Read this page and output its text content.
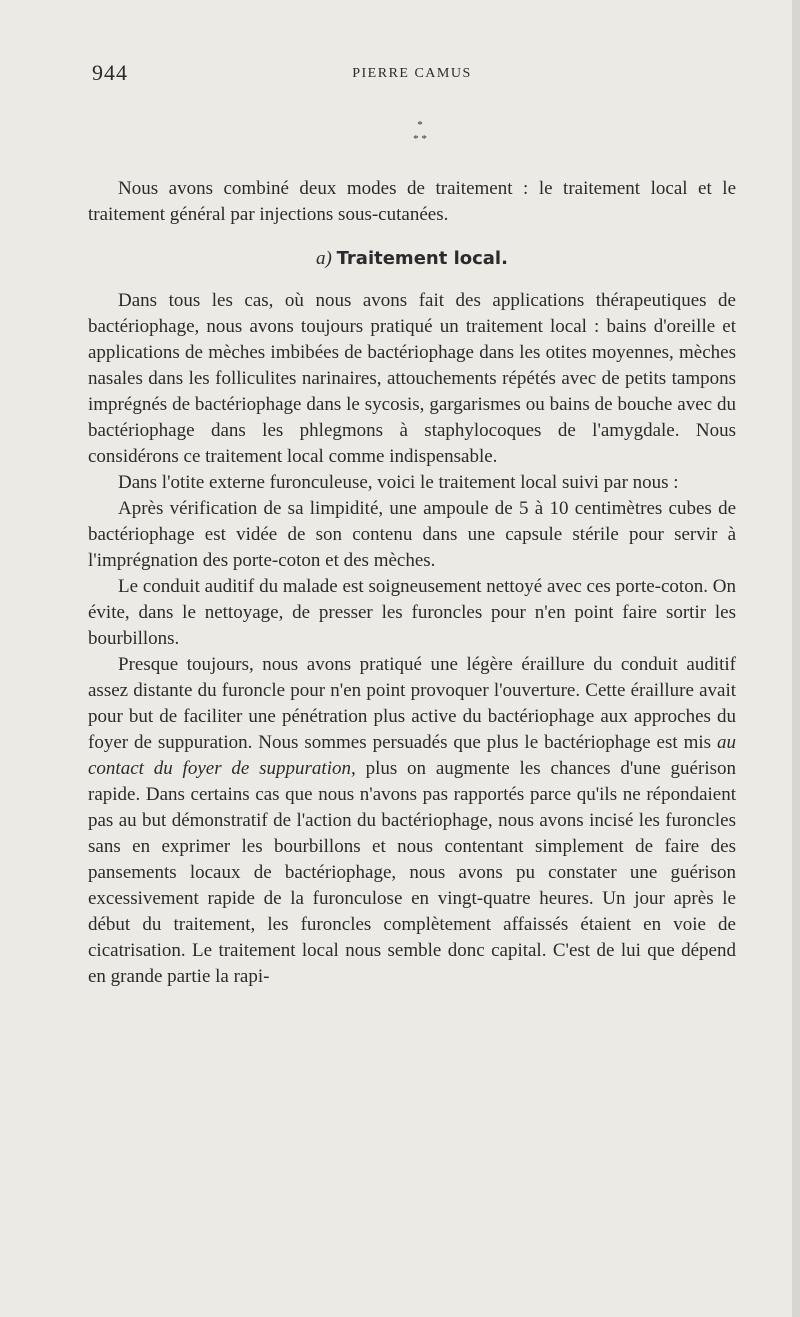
944	PIERRE CAMUS
*
* *

Nous avons combiné deux modes de traitement : le traitement local et le traitement général par injections sous-cutanées.

a) Traitement local.

Dans tous les cas, où nous avons fait des applications thérapeutiques de bactériophage, nous avons toujours pratiqué un traitement local : bains d'oreille et applications de mèches imbibées de bactériophage dans les otites moyennes, mèches nasales dans les folliculites narinaires, attouchements répétés avec de petits tampons imprégnés de bactériophage dans le sycosis, gargarismes ou bains de bouche avec du bactériophage dans les phlegmons à staphylocoques de l'amygdale. Nous considérons ce traitement local comme indispensable.

Dans l'otite externe furonculeuse, voici le traitement local suivi par nous :

Après vérification de sa limpidité, une ampoule de 5 à 10 centimètres cubes de bactériophage est vidée de son contenu dans une capsule stérile pour servir à l'imprégnation des porte-coton et des mèches.

Le conduit auditif du malade est soigneusement nettoyé avec ces porte-coton. On évite, dans le nettoyage, de presser les furoncles pour n'en point faire sortir les bourbillons.

Presque toujours, nous avons pratiqué une légère éraillure du conduit auditif assez distante du furoncle pour n'en point provoquer l'ouverture. Cette éraillure avait pour but de faciliter une pénétration plus active du bactériophage aux approches du foyer de suppuration. Nous sommes persuadés que plus le bactériophage est mis au contact du foyer de suppuration, plus on augmente les chances d'une guérison rapide. Dans certains cas que nous n'avons pas rapportés parce qu'ils ne répondaient pas au but démonstratif de l'action du bactériophage, nous avons incisé les furoncles sans en exprimer les bourbillons et nous contentant simplement de faire des pansements locaux de bactériophage, nous avons pu constater une guérison excessivement rapide de la furonculose en vingt-quatre heures. Un jour après le début du traitement, les furoncles complètement affaissés étaient en voie de cicatrisation. Le traitement local nous semble donc capital. C'est de lui que dépend en grande partie la rapi-
